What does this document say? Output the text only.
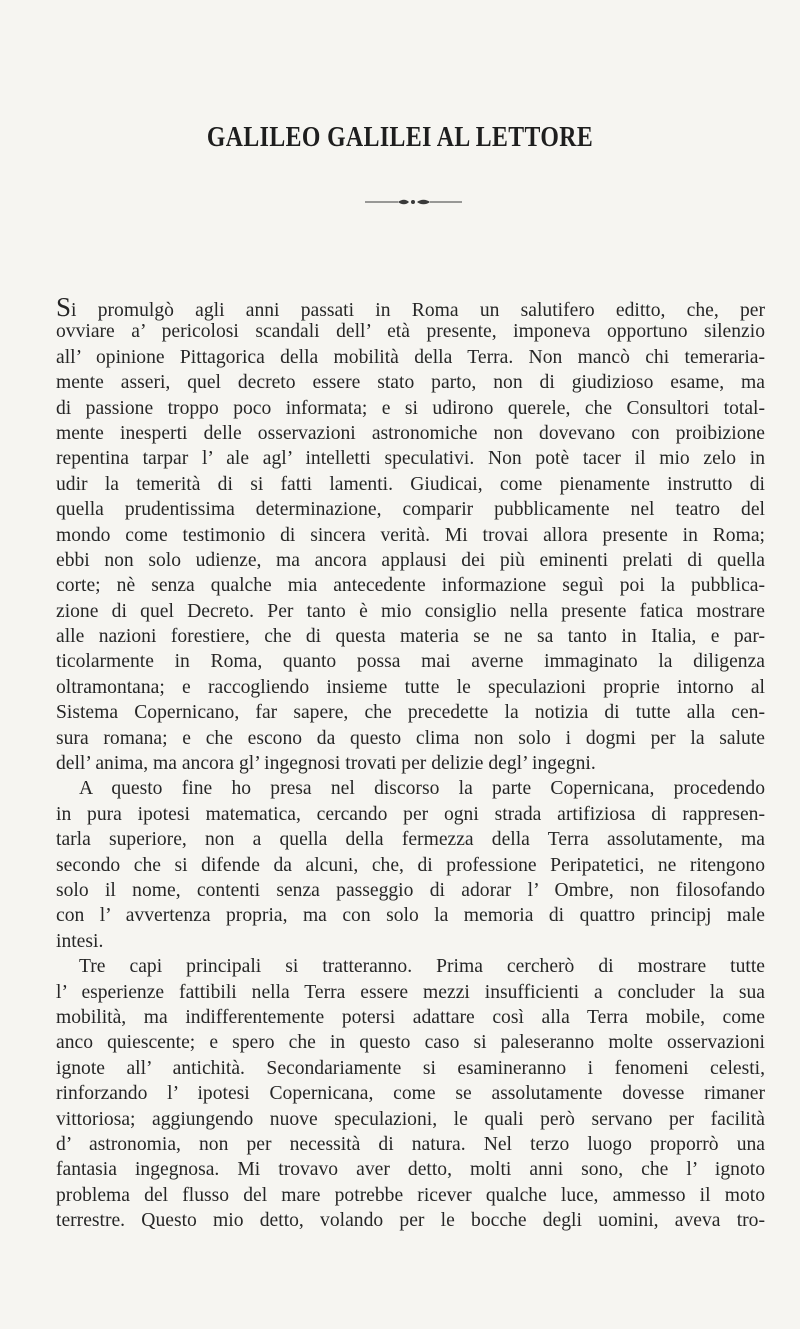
GALILEO GALILEI AL LETTORE
Si promulgò agli anni passati in Roma un salutifero editto, che, per
ovviare a’ pericolosi scandali dell’ età presente, imponeva opportuno silenzio
all’ opinione Pittagorica della mobilità della Terra. Non mancò chi temeraria-
mente asseri, quel decreto essere stato parto, non di giudizioso esame, ma
di passione troppo poco informata; e si udirono querele, che Consultori total-
mente inesperti delle osservazioni astronomiche non dovevano con proibizione
repentina tarpar l’ ale agl’ intelletti speculativi. Non potè tacer il mio zelo in
udir la temerità di si fatti lamenti. Giudicai, come pienamente instrutto di
quella prudentissima determinazione, comparir pubblicamente nel teatro del
mondo come testimonio di sincera verità. Mi trovai allora presente in Roma;
ebbi non solo udienze, ma ancora applausi dei più eminenti prelati di quella
corte; nè senza qualche mia antecedente informazione seguì poi la pubblica-
zione di quel Decreto. Per tanto è mio consiglio nella presente fatica mostrare
alle nazioni forestiere, che di questa materia se ne sa tanto in Italia, e par-
ticolarmente in Roma, quanto possa mai averne immaginato la diligenza
oltramontana; e raccogliendo insieme tutte le speculazioni proprie intorno al
Sistema Copernicano, far sapere, che precedette la notizia di tutte alla cen-
sura romana; e che escono da questo clima non solo i dogmi per la salute
dell’ anima, ma ancora gl’ ingegnosi trovati per delizie degl’ ingegni.
A questo fine ho presa nel discorso la parte Copernicana, procedendo
in pura ipotesi matematica, cercando per ogni strada artifiziosa di rappresen-
tarla superiore, non a quella della fermezza della Terra assolutamente, ma
secondo che si difende da alcuni, che, di professione Peripatetici, ne ritengono
solo il nome, contenti senza passeggio di adorar l’ Ombre, non filosofando
con l’ avvertenza propria, ma con solo la memoria di quattro principj male
intesi.
Tre capi principali si tratteranno. Prima cercherò di mostrare tutte
l’ esperienze fattibili nella Terra essere mezzi insufficienti a concluder la sua
mobilità, ma indifferentemente potersi adattare così alla Terra mobile, come
anco quiescente; e spero che in questo caso si paleseranno molte osservazioni
ignote all’ antichità. Secondariamente si esamineranno i fenomeni celesti,
rinforzando l’ ipotesi Copernicana, come se assolutamente dovesse rimaner
vittoriosa; aggiungendo nuove speculazioni, le quali però servano per facilità
d’ astronomia, non per necessità di natura. Nel terzo luogo proporrò una
fantasia ingegnosa. Mi trovavo aver detto, molti anni sono, che l’ ignoto
problema del flusso del mare potrebbe ricever qualche luce, ammesso il moto
terrestre. Questo mio detto, volando per le bocche degli uomini, aveva tro-
